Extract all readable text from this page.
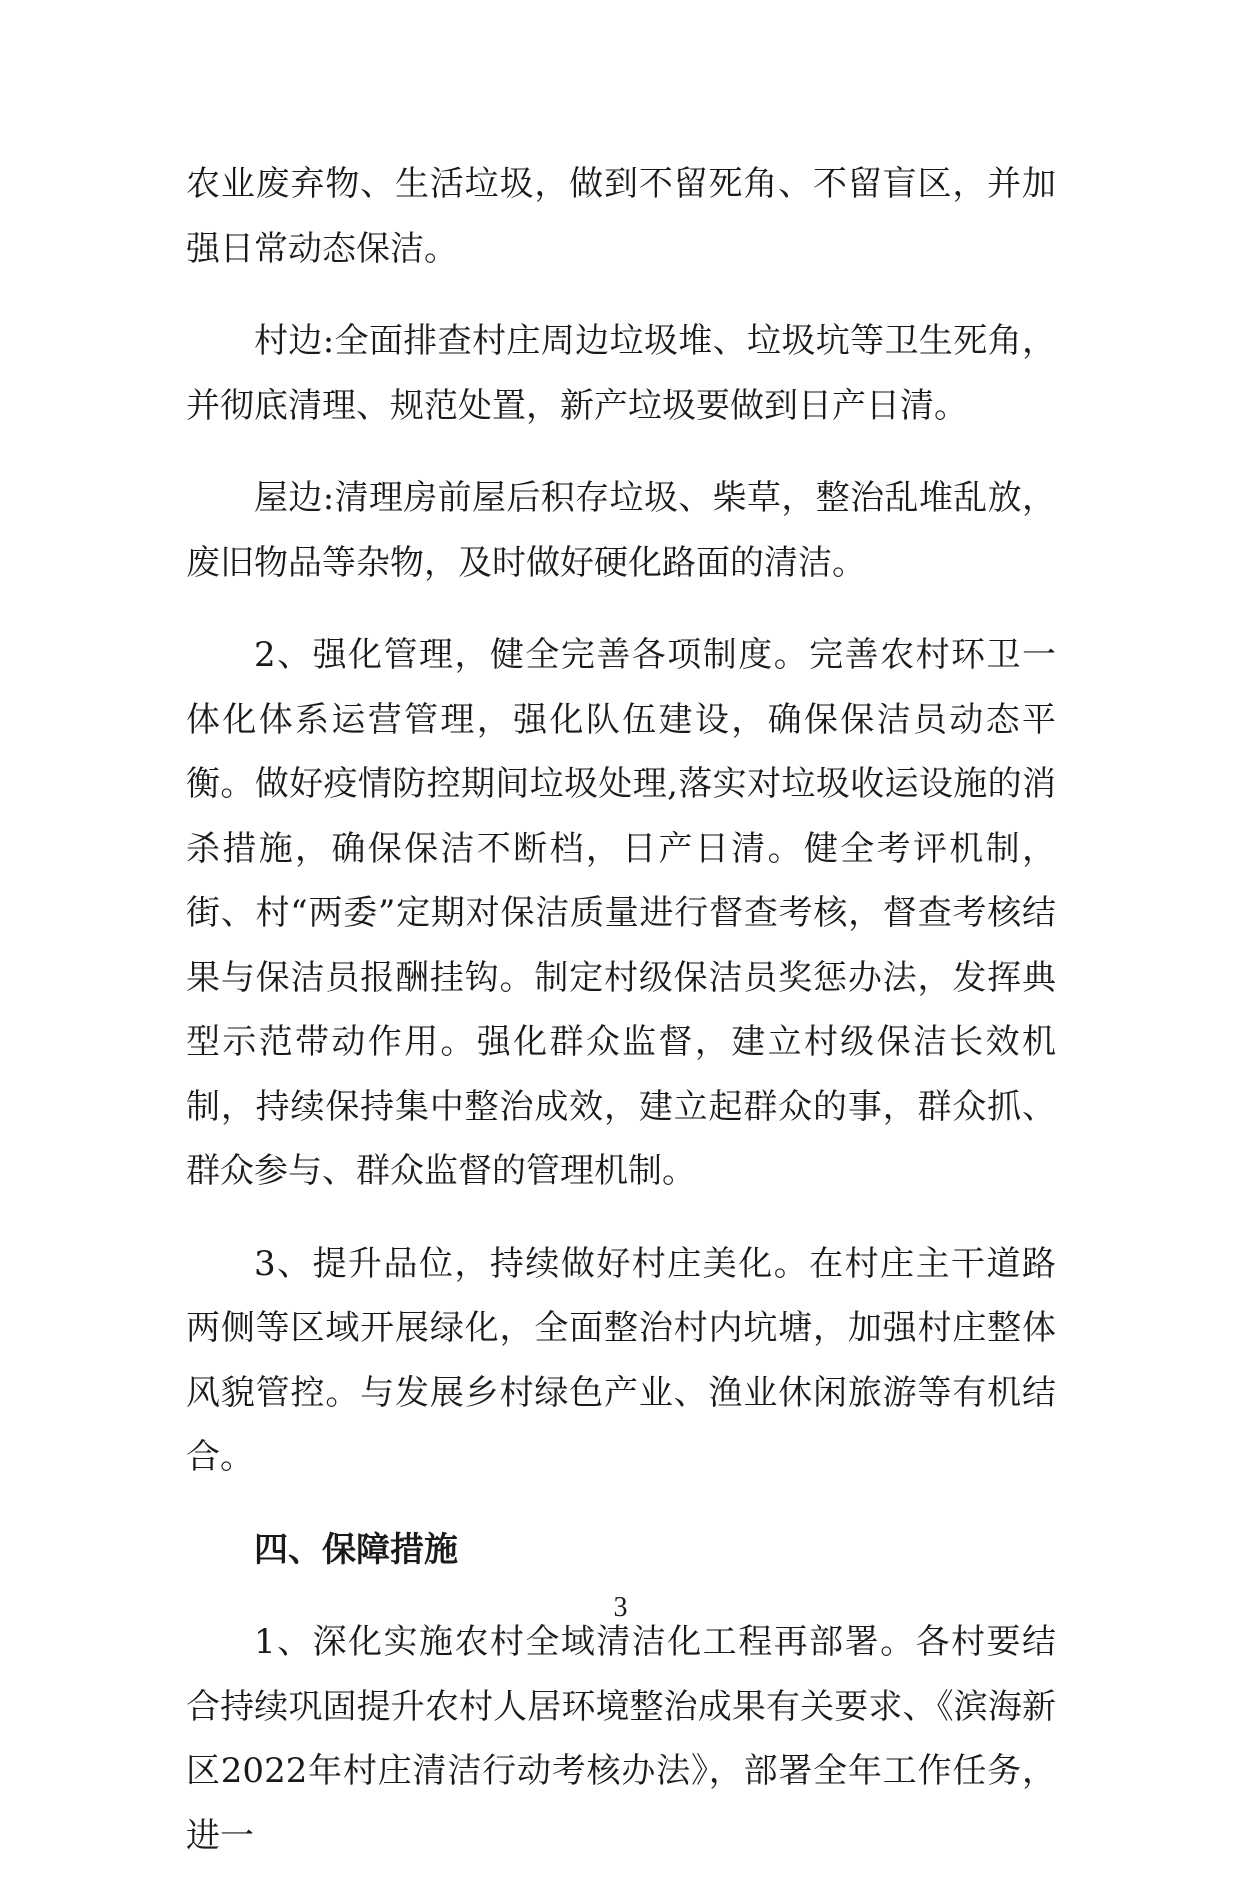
农业废弃物、生活垃圾，做到不留死角、不留盲区，并加强日常动态保洁。

村边:全面排查村庄周边垃圾堆、垃圾坑等卫生死角，并彻底清理、规范处置，新产垃圾要做到日产日清。

屋边:清理房前屋后积存垃圾、柴草，整治乱堆乱放，废旧物品等杂物，及时做好硬化路面的清洁。

2、强化管理，健全完善各项制度。完善农村环卫一体化体系运营管理，强化队伍建设，确保保洁员动态平衡。做好疫情防控期间垃圾处理,落实对垃圾收运设施的消杀措施，确保保洁不断档，日产日清。健全考评机制，街、村“两委”定期对保洁质量进行督查考核，督查考核结果与保洁员报酬挂钩。制定村级保洁员奖惩办法，发挥典型示范带动作用。强化群众监督，建立村级保洁长效机制，持续保持集中整治成效，建立起群众的事，群众抓、群众参与、群众监督的管理机制。

3、提升品位，持续做好村庄美化。在村庄主干道路两侧等区域开展绿化，全面整治村内坑塘，加强村庄整体风貌管控。与发展乡村绿色产业、渔业休闲旅游等有机结合。

四、保障措施

1、深化实施农村全域清洁化工程再部署。各村要结合持续巩固提升农村人居环境整治成果有关要求、《滨海新区2022年村庄清洁行动考核办法》，部署全年工作任务，进一

3
